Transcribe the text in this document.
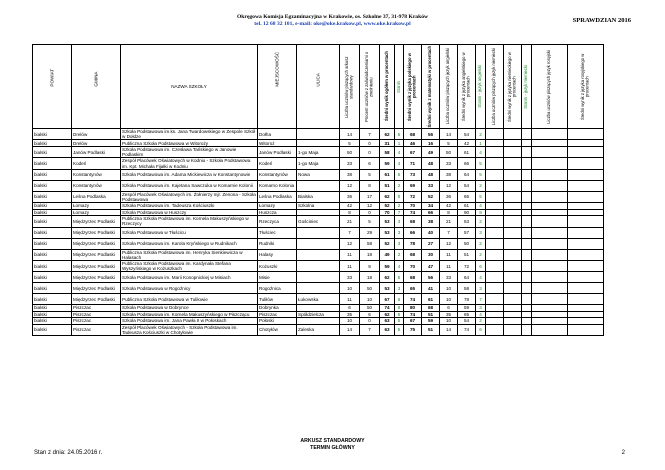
Okręgowa Komisja Egzaminacyjna w Krakowie, os. Szkolne 37, 31-978 Kraków
tel. 12 68 32 101, e-mail: oke@oke.krakow.pl, www.oke.krakow.pl	SPRAWDZIAN 2016
POWIAT	GMINA	NAZWA SZKOŁY	MIEJSCOWOŚĆ	ULICA	Liczba uczniów piszących arkusz standardowy	Procent uczniów z zaświadczeniami o zwolnieniu	Średni wynik ogółem w procentach	Stanin	Średni wynik z języka polskiego w procentach	Średni wynik z matematyki w procentach	Liczba uczniów piszących język angielski	Średni wynik z języka angielskiego w procentach	Stanin - język angielski	Liczba uczniów piszących język niemiecki	Średni wynik z języka niemieckiego w procentach	Stanin - język niemiecki	Liczba uczniów piszących język rosyjski	Średni wynik z języka rosyjskiego w procentach

bialski	Drelów	Szkoła Podstawowa im.ks. Jana Twardowskiego w Zespole Szkół w Dołdze	Dołha		14	7	62	5	68	56	14	54	2					
bialski	Drelów	Publiczna Szkoła Podstawowa w Witoroży	Witoroż		5	0	31	1	46	16	5	42	1					
bialski	Janów Podlaski	Szkoła Podstawowa im. Czesława Tańskiego w Janowie Podlaskim	Janów Podlaski	1-go Maja	50	0	58	4	67	49	50	61	4					
bialski	Kodeń	Zespół Placówek Oświatowych w Kodniu - Szkoła Podstawowa im. Kpt. Michała Fijałki w Kodniu	Kodeń	1-go Maja	33	6	59	4	71	48	33	66	5					
bialski	Konstantynów	Szkoła Podstawowa im. Adama Mickiewicza w Konstantynowie	Konstantynów	Nowa	38	5	61	5	73	48	38	64	5					
bialski	Konstantynów	Szkoła Podstawowa im. Kajetana Sawczuka w Komarnie Kolonii	Komarno Kolonia		12	8	51	2	69	33	12	54	2					
bialski	Leśna Podlaska	Zespół Placówek Oświatowych im. Żołnierzy mjr. Zenona - Szkoła Podstawowa	Leśna Podlaska	Bialska	36	17	62	5	72	52	36	65	5					
bialski	Łomazy	Szkoła Podstawowa im. Tadeusza Kościuszki	Łomazy	Szkolna	42	12	52	2	70	34	42	61	4					
bialski	Łomazy	Szkoła Podstawowa w Huszczy	Huszcza		8	0	70	7	74	66	8	90	9					
bialski	Międzyrzec Podlaski	Publiczna Szkoła Podstawowa im. Kornela Makuszyńskiego w Rzeczycy	Rzeczyca	Gościniec	21	5	53	3	68	38	21	53	2					
bialski	Międzyrzec Podlaski	Szkoła Podstawowa w Tłuścicu	Tłuściec		7	29	53	3	66	40	7	57	3					
bialski	Międzyrzec Podlaski	Szkoła Podstawowa im. Karola Kryńskiego w Rudnikach	Rudniki		12	58	52	3	78	27	12	50	2					
bialski	Międzyrzec Podlaski	Publiczna Szkoła Podstawowa im. Henryka Sienkiewicza w Halasach	Halasy		11	18	49	2	68	30	11	51	2					
bialski	Międzyrzec Podlaski	Publiczna Szkoła Podstawowa im. Kardynała Stefana Wyszyńskiego w Kożuszkach	Kożuszki		11	9	59	4	70	47	11	72	6					
bialski	Międzyrzec Podlaski	Szkoła Podstawowa im. Marii Konopnickiej w Misiach	Misie		33	18	62	5	68	56	33	64	4					
bialski	Międzyrzec Podlaski	Szkoła Podstawowa w Rogoźnicy	Rogoźnica		10	50	53	3	65	41	10	58	3					
bialski	Międzyrzec Podlaski	Publiczna Szkoła Podstawowa w Tuliłowie	Tuliłów	Łukowska	11	10	67	6	74	61	10	78	7					
bialski	Piszczac	Szkoła Podstawowa w Dobrynce	Dobrynka		6	50	74	8	80	68	6	59	3					
bialski	Piszczac	Szkoła Podstawowa im. Kornela Makuszyńskiego w Piszczącu	Piszczac	Spółdzielcza	35	6	62	5	74	51	35	65	4					
bialski	Piszczac	Szkoła Podstawowa im. Jana Pawła II w Połoskach	Połoski		10	0	63	5	67	59	10	54	2					
bialski	Piszczac	Zespół Placówek Oświatowych - Szkoła Podstawowa im. Tadeusza Kościuszki w Chotyłowie	Chotyłów	Zaleska	14	7	63	5	75	51	14	74	6					
Stan z dnia: 24.05.2016 r.
ARKUSZ STANDARDOWY
TERMIN GŁÓWNY
2
